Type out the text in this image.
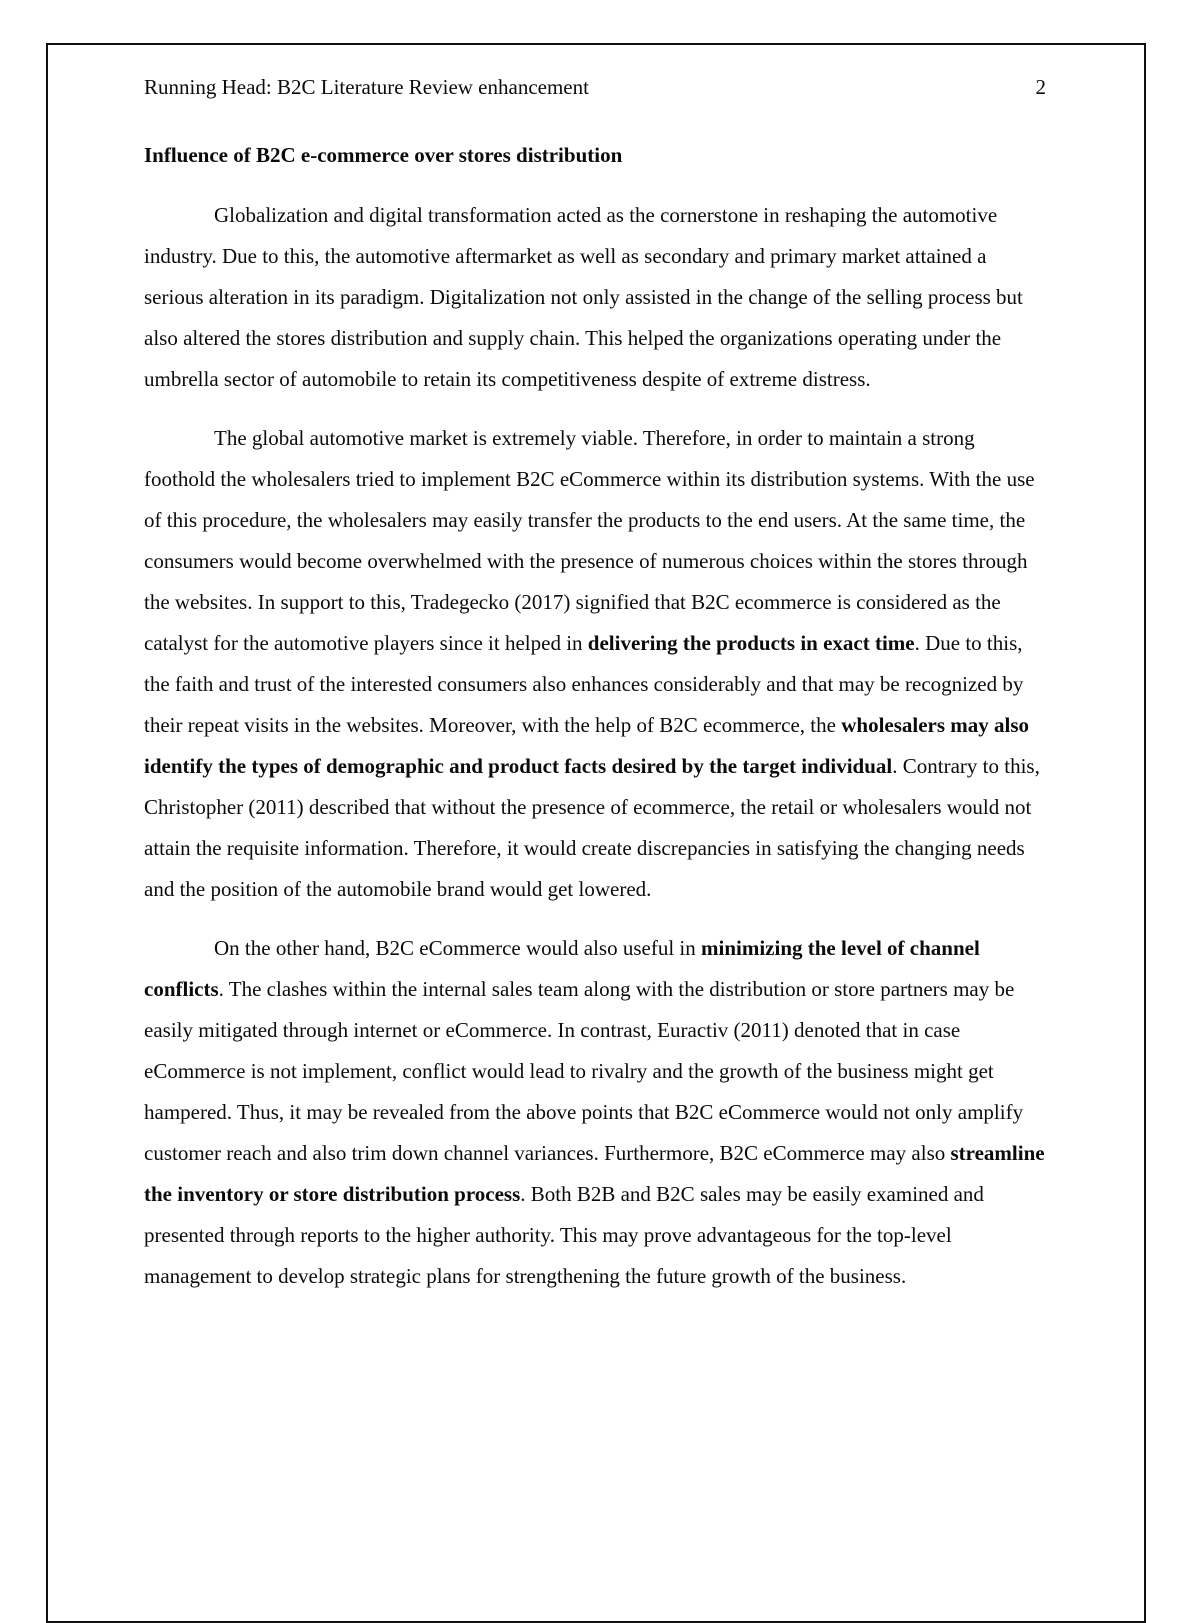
Running Head: B2C Literature Review enhancement	2
Influence of B2C e-commerce over stores distribution

Globalization and digital transformation acted as the cornerstone in reshaping the automotive industry. Due to this, the automotive aftermarket as well as secondary and primary market attained a serious alteration in its paradigm. Digitalization not only assisted in the change of the selling process but also altered the stores distribution and supply chain. This helped the organizations operating under the umbrella sector of automobile to retain its competitiveness despite of extreme distress.

The global automotive market is extremely viable. Therefore, in order to maintain a strong foothold the wholesalers tried to implement B2C eCommerce within its distribution systems. With the use of this procedure, the wholesalers may easily transfer the products to the end users. At the same time, the consumers would become overwhelmed with the presence of numerous choices within the stores through the websites. In support to this, Tradegecko (2017) signified that B2C ecommerce is considered as the catalyst for the automotive players since it helped in delivering the products in exact time. Due to this, the faith and trust of the interested consumers also enhances considerably and that may be recognized by their repeat visits in the websites. Moreover, with the help of B2C ecommerce, the wholesalers may also identify the types of demographic and product facts desired by the target individual. Contrary to this, Christopher (2011) described that without the presence of ecommerce, the retail or wholesalers would not attain the requisite information. Therefore, it would create discrepancies in satisfying the changing needs and the position of the automobile brand would get lowered.

On the other hand, B2C eCommerce would also useful in minimizing the level of channel conflicts. The clashes within the internal sales team along with the distribution or store partners may be easily mitigated through internet or eCommerce. In contrast, Euractiv (2011) denoted that in case eCommerce is not implement, conflict would lead to rivalry and the growth of the business might get hampered. Thus, it may be revealed from the above points that B2C eCommerce would not only amplify customer reach and also trim down channel variances. Furthermore, B2C eCommerce may also streamline the inventory or store distribution process. Both B2B and B2C sales may be easily examined and presented through reports to the higher authority. This may prove advantageous for the top-level management to develop strategic plans for strengthening the future growth of the business.
